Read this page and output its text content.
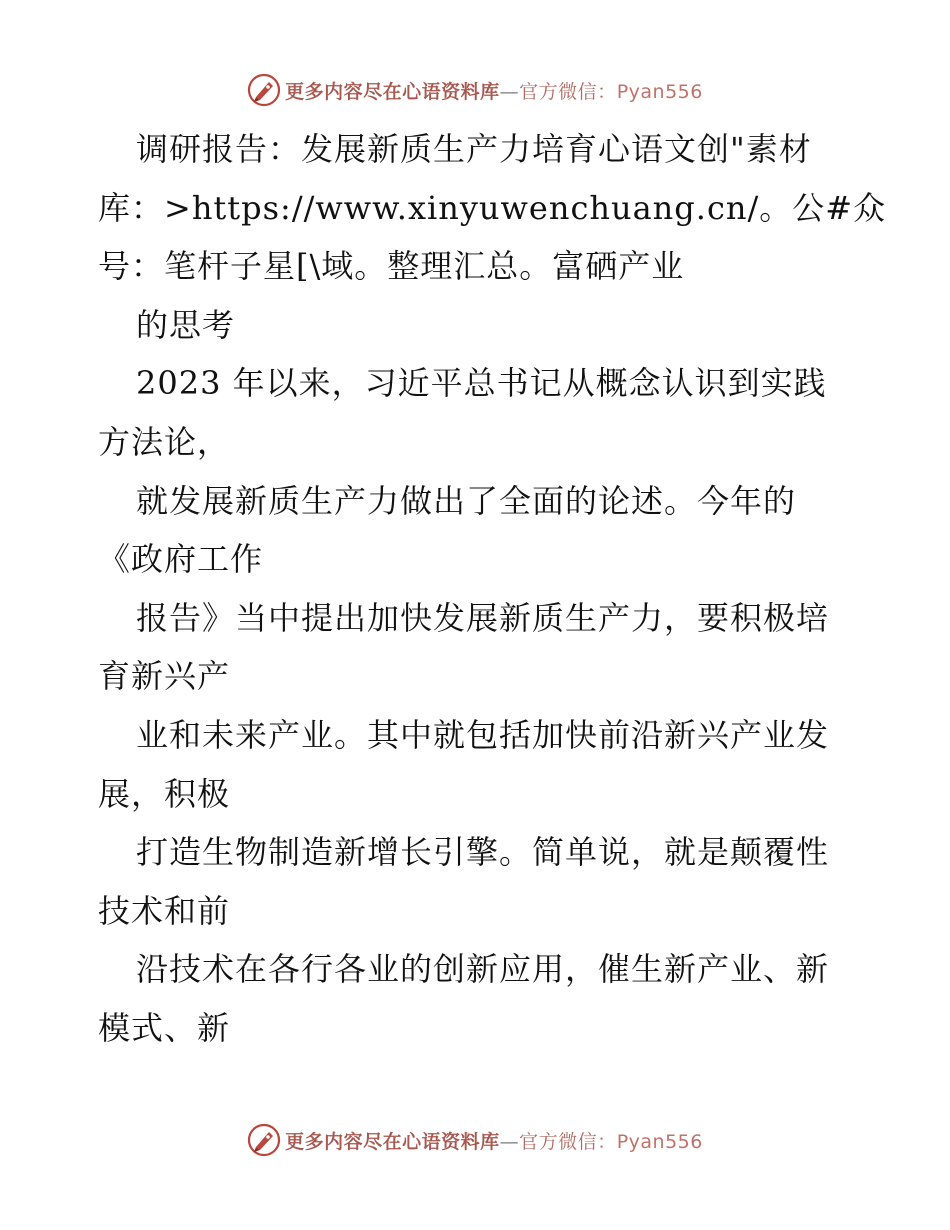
更多内容尽在心语资料库—官方微信：Pyan556
调研报告：发展新质生产力培育心语文创"素材
库：>https://www.xinyuwenchuang.cn/。公#众
号：笔杆子星[\域。整理汇总。富硒产业
的思考
2023 年以来，习近平总书记从概念认识到实践
方法论，
就发展新质生产力做出了全面的论述。今年的
《政府工作
报告》当中提出加快发展新质生产力，要积极培
育新兴产
业和未来产业。其中就包括加快前沿新兴产业发
展，积极
打造生物制造新增长引擎。简单说，就是颠覆性
技术和前
沿技术在各行各业的创新应用，催生新产业、新
模式、新
更多内容尽在心语资料库—官方微信：Pyan556
